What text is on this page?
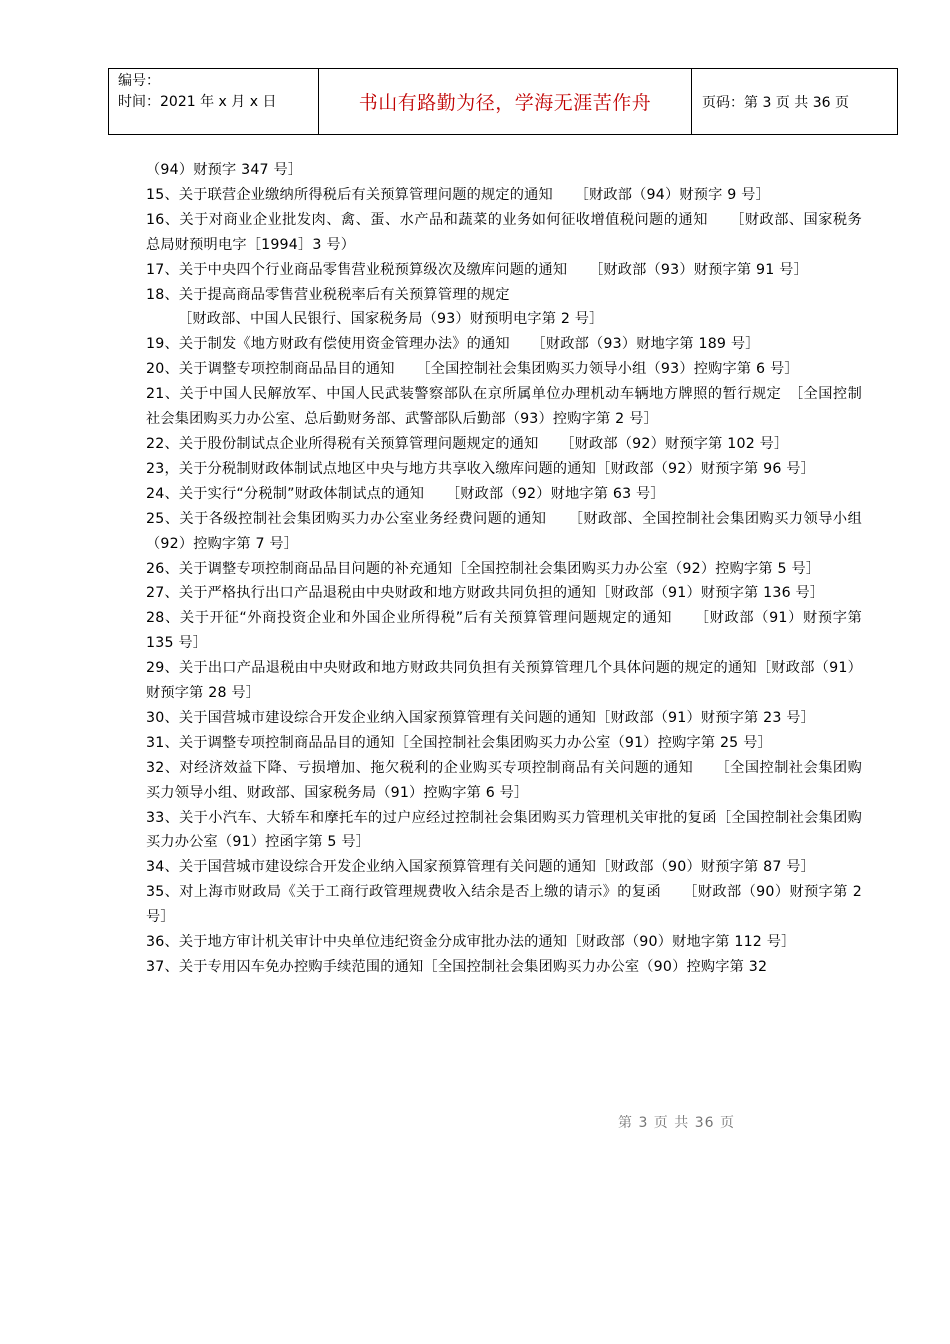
编号：
时间：2021 年 x 月 x 日	书山有路勤为径，学海无涯苦作舟	页码：第 3 页 共 36 页

（94）财预字 347 号］

15、关于联营企业缴纳所得税后有关预算管理问题的规定的通知　　［财政部（94）财预字 9 号］

16、关于对商业企业批发肉、禽、蛋、水产品和蔬菜的业务如何征收增值税问题的通知　　［财政部、国家税务总局财预明电字［1994］3 号）

17、关于中央四个行业商品零售营业税预算级次及缴库问题的通知　　［财政部（93）财预字第 91 号］

18、关于提高商品零售营业税税率后有关预算管理的规定

［财政部、中国人民银行、国家税务局（93）财预明电字第 2 号］

19、关于制发《地方财政有偿使用资金管理办法》的通知　　［财政部（93）财地字第 189 号］

20、关于调整专项控制商品品目的通知　　［全国控制社会集团购买力领导小组（93）控购字第 6 号］

21、关于中国人民解放军、中国人民武装警察部队在京所属单位办理机动车辆地方牌照的暂行规定　［全国控制社会集团购买力办公室、总后勤财务部、武警部队后勤部（93）控购字第 2 号］

22、关于股份制试点企业所得税有关预算管理问题规定的通知　　［财政部（92）财预字第 102 号］

23，关于分税制财政体制试点地区中央与地方共享收入缴库问题的通知［财政部（92）财预字第 96 号］

24、关于实行“分税制”财政体制试点的通知　　［财政部（92）财地字第 63 号］

25、关于各级控制社会集团购买力办公室业务经费问题的通知　　［财政部、全国控制社会集团购买力领导小组（92）控购字第 7 号］

26、关于调整专项控制商品品目问题的补充通知［全国控制社会集团购买力办公室（92）控购字第 5 号］

27、关于严格执行出口产品退税由中央财政和地方财政共同负担的通知［财政部（91）财预字第 136 号］

28、关于开征“外商投资企业和外国企业所得税”后有关预算管理问题规定的通知　　［财政部（91）财预字第 135 号］

29、关于出口产品退税由中央财政和地方财政共同负担有关预算管理几个具体问题的规定的通知［财政部（91）财预字第 28 号］

30、关于国营城市建设综合开发企业纳入国家预算管理有关问题的通知［财政部（91）财预字第 23 号］

31、关于调整专项控制商品品目的通知［全国控制社会集团购买力办公室（91）控购字第 25 号］

32、对经济效益下降、亏损增加、拖欠税利的企业购买专项控制商品有关问题的通知　　［全国控制社会集团购买力领导小组、财政部、国家税务局（91）控购字第 6 号］

33、关于小汽车、大轿车和摩托车的过户应经过控制社会集团购买力管理机关审批的复函［全国控制社会集团购买力办公室（91）控函字第 5 号］

34、关于国营城市建设综合开发企业纳入国家预算管理有关问题的通知［财政部（90）财预字第 87 号］

35、对上海市财政局《关于工商行政管理规费收入结余是否上缴的请示》的复函　　［财政部（90）财预字第 2 号］

36、关于地方审计机关审计中央单位违纪资金分成审批办法的通知［财政部（90）财地字第 112 号］

37、关于专用囚车免办控购手续范围的通知［全国控制社会集团购买力办公室（90）控购字第 32

第 3 页 共 36 页
